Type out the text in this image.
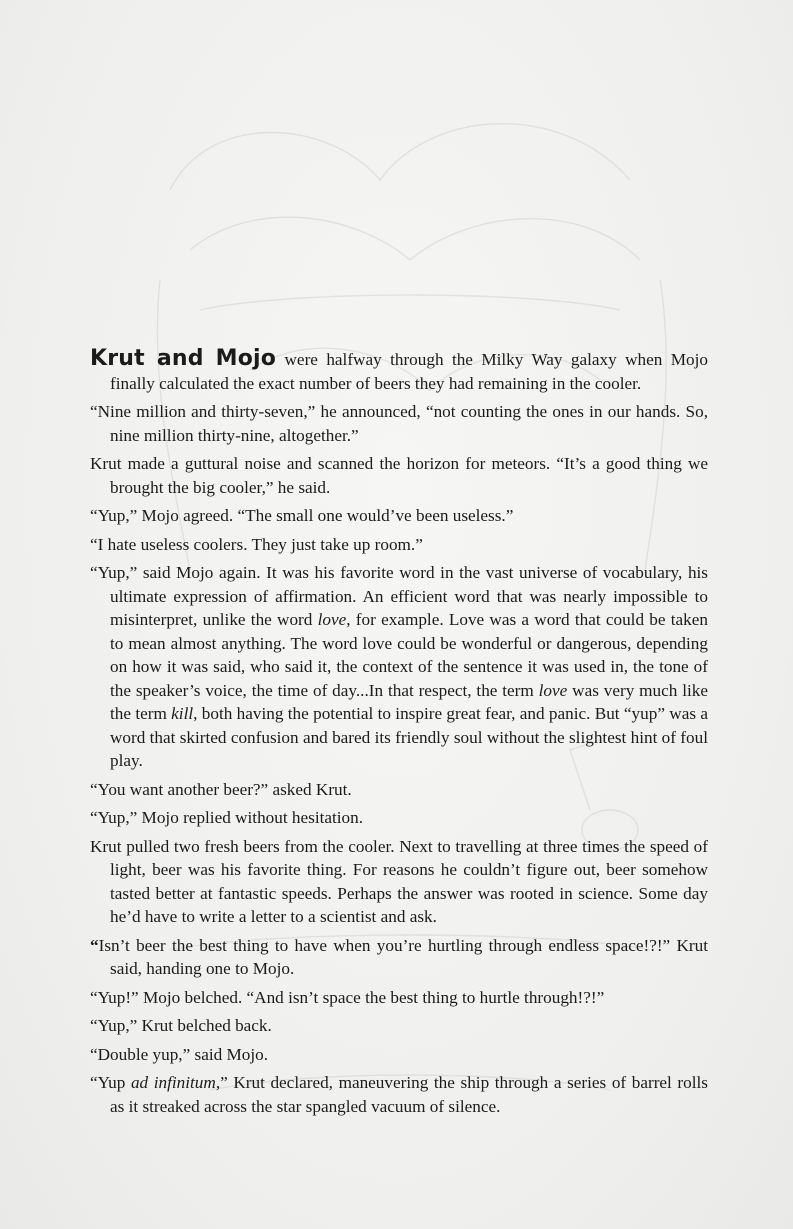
Krut and Mojo were halfway through the Milky Way galaxy when Mojo finally calculated the exact number of beers they had remaining in the cooler.

“Nine million and thirty-seven,” he announced, “not counting the ones in our hands. So, nine million thirty-nine, altogether.”

Krut made a guttural noise and scanned the horizon for meteors. “It’s a good thing we brought the big cooler,” he said.

“Yup,” Mojo agreed. “The small one would’ve been useless.”

“I hate useless coolers. They just take up room.”

“Yup,” said Mojo again. It was his favorite word in the vast universe of vocabulary, his ultimate expression of affirmation. An efficient word that was nearly impossible to misinterpret, unlike the word love, for example. Love was a word that could be taken to mean almost anything. The word love could be wonderful or dangerous, depending on how it was said, who said it, the context of the sentence it was used in, the tone of the speaker’s voice, the time of day...In that respect, the term love was very much like the term kill, both having the potential to inspire great fear, and panic. But “yup” was a word that skirted confusion and bared its friendly soul without the slightest hint of foul play.

“You want another beer?” asked Krut.

“Yup,” Mojo replied without hesitation.

Krut pulled two fresh beers from the cooler. Next to travelling at three times the speed of light, beer was his favorite thing. For reasons he couldn’t figure out, beer somehow tasted better at fantastic speeds. Perhaps the answer was rooted in science. Some day he’d have to write a letter to a scientist and ask.

“Isn’t beer the best thing to have when you’re hurtling through endless space!?!” Krut said, handing one to Mojo.

“Yup!” Mojo belched. “And isn’t space the best thing to hurtle through!?!”

“Yup,” Krut belched back.

“Double yup,” said Mojo.

“Yup ad infinitum,” Krut declared, maneuvering the ship through a series of barrel rolls as it streaked across the star spangled vacuum of silence.
